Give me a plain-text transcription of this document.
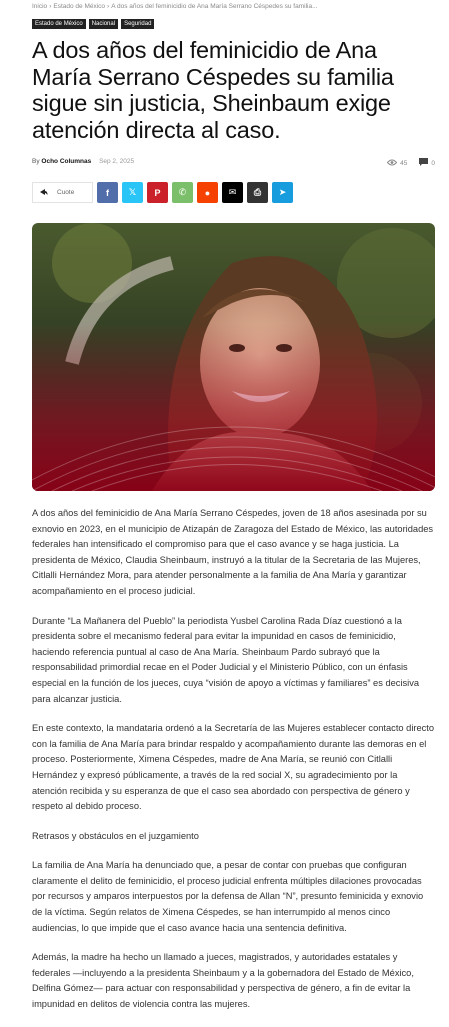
Inicio › Estado de México › A dos años del feminicidio de Ana María Serrano Céspedes su familia...
Estado de México	Nacional	Seguridad
A dos años del feminicidio de Ana María Serrano Céspedes su familia sigue sin justicia, Sheinbaum exige atención directa al caso.
By Ocho Columnas Sep 2, 2025	45	0
Cuote	f 𝕏 P ✆ ● ✉ ⎙ ➤

A dos años del feminicidio de Ana María Serrano Céspedes, joven de 18 años asesinada por su exnovio en 2023, en el municipio de Atizapán de Zaragoza del Estado de México, las autoridades federales han intensificado el compromiso para que el caso avance y se haga justicia. La presidenta de México, Claudia Sheinbaum, instruyó a la titular de la Secretaria de las Mujeres, Citlalli Hernández Mora, para atender personalmente a la familia de Ana María y garantizar acompañamiento en el proceso judicial.

Durante “La Mañanera del Pueblo” la periodista Yusbel Carolina Rada Díaz cuestionó a la presidenta sobre el mecanismo federal para evitar la impunidad en casos de feminicidio, haciendo referencia puntual al caso de Ana María. Sheinbaum Pardo subrayó que la responsabilidad primordial recae en el Poder Judicial y el Ministerio Público, con un énfasis especial en la función de los jueces, cuya “visión de apoyo a víctimas y familiares” es decisiva para alcanzar justicia.

En este contexto, la mandataria ordenó a la Secretaría de las Mujeres establecer contacto directo con la familia de Ana María para brindar respaldo y acompañamiento durante las demoras en el proceso. Posteriormente, Ximena Céspedes, madre de Ana María, se reunió con Citlalli Hernández y expresó públicamente, a través de la red social X, su agradecimiento por la atención recibida y su esperanza de que el caso sea abordado con perspectiva de género y respeto al debido proceso.

Retrasos y obstáculos en el juzgamiento

La familia de Ana María ha denunciado que, a pesar de contar con pruebas que configuran claramente el delito de feminicidio, el proceso judicial enfrenta múltiples dilaciones provocadas por recursos y amparos interpuestos por la defensa de Allan “N”, presunto feminicida y exnovio de la víctima. Según relatos de Ximena Céspedes, se han interrumpido al menos cinco audiencias, lo que impide que el caso avance hacia una sentencia definitiva.

Además, la madre ha hecho un llamado a jueces, magistrados, y autoridades estatales y federales —incluyendo a la presidenta Sheinbaum y a la gobernadora del Estado de México, Delfina Gómez— para actuar con responsabilidad y perspectiva de género, a fin de evitar la impunidad en delitos de violencia contra las mujeres.
